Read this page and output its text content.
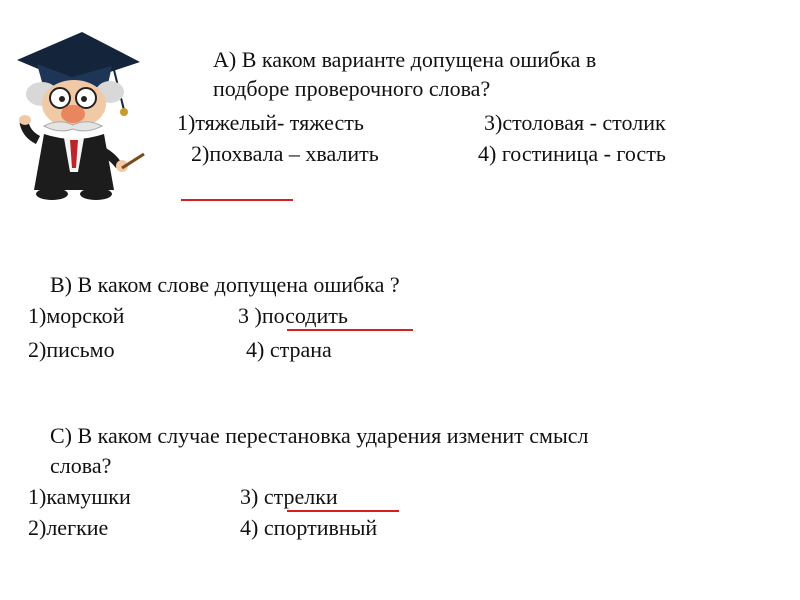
А) В каком варианте допущена ошибка в
подборе проверочного слова?
1)тяжелый- тяжесть	3)столовая - столик
2)похвала – хвалить	4) гостиница - гость
В) В каком слове допущена ошибка ?
1)морской	3 )посодить
2)письмо	4) страна
С) В каком случае перестановка ударения изменит смысл
слова?
1)камушки	3) стрелки
2)легкие	4) спортивный
